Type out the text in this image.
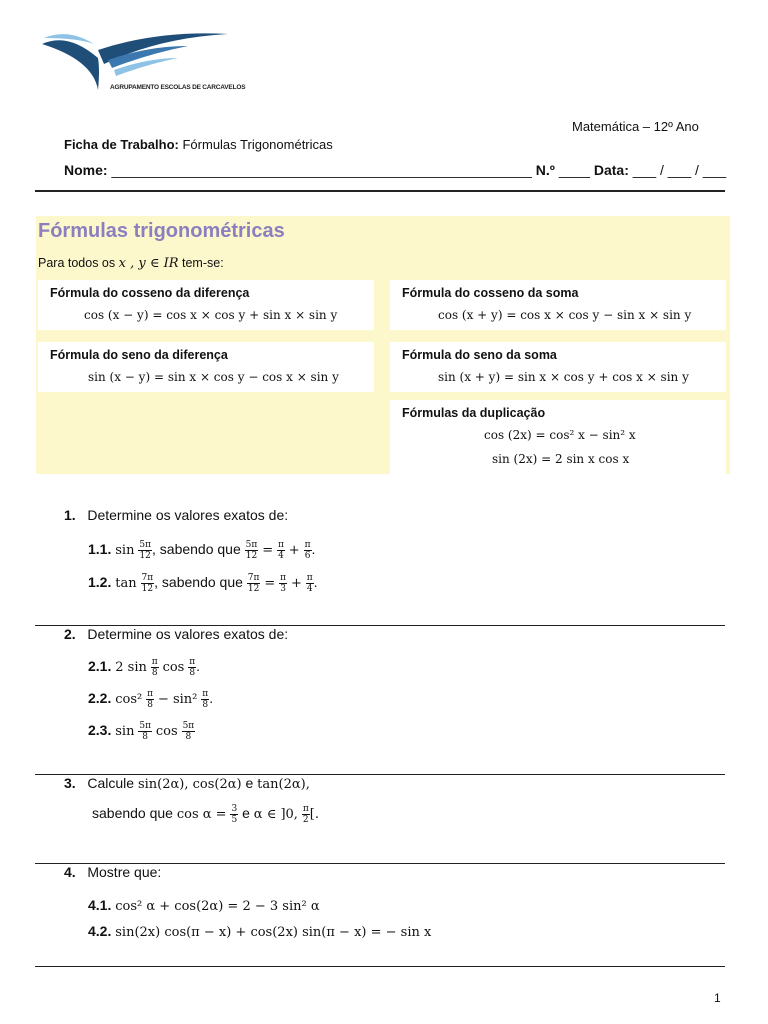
AGRUPAMENTO ESCOLAS DE CARCAVELOS
Matemática – 12º Ano
Ficha de Trabalho: Fórmulas Trigonométricas
Nome: ______________________________________________________ N.º ____ Data: ___ / ___ / ___
Fórmulas trigonométricas
Para todos os x , y ∈ IR tem-se:
Fórmula do cosseno da diferença
cos (x − y) = cos x × cos y + sin x × sin y
Fórmula do cosseno da soma
cos (x + y) = cos x × cos y − sin x × sin y
Fórmula do seno da diferença
sin (x − y) = sin x × cos y − cos x × sin y
Fórmula do seno da soma
sin (x + y) = sin x × cos y + cos x × sin y
Fórmulas da duplicação
cos (2x) = cos² x − sin² x
sin (2x) = 2 sin x cos x
1. Determine os valores exatos de:
1.1. $\sin \frac{5\pi}{12}$ , sabendo que $\frac{5\pi}{12} = \frac{\pi}{4} + \frac{\pi}{6}$ .
1.2. $\tan \frac{7\pi}{12}$ , sabendo que $\frac{7\pi}{12} = \frac{\pi}{3} + \frac{\pi}{4}$ .
2. Determine os valores exatos de:
2.1. 2 $\sin \frac{\pi}{8}$ $\cos \frac{\pi}{8}$ .
2.2. $\cos^2 \frac{\pi}{8} - \sin^2 \frac{\pi}{8}$ .
2.3. $\sin \frac{5\pi}{8}$ $\cos \frac{5\pi}{8}$
3. Calcule sin(2α), cos(2α) e tan(2α),
sabendo que $\cos \alpha = \frac{3}{5}$ e α ∈ ]0, $\frac{\pi}{2}$ [.
4. Mostre que:
4.1. cos² α + cos(2α) = 2 − 3 sin² α
4.2. sin(2x) cos(π − x) + cos(2x) sin(π − x) = − sin x
1
